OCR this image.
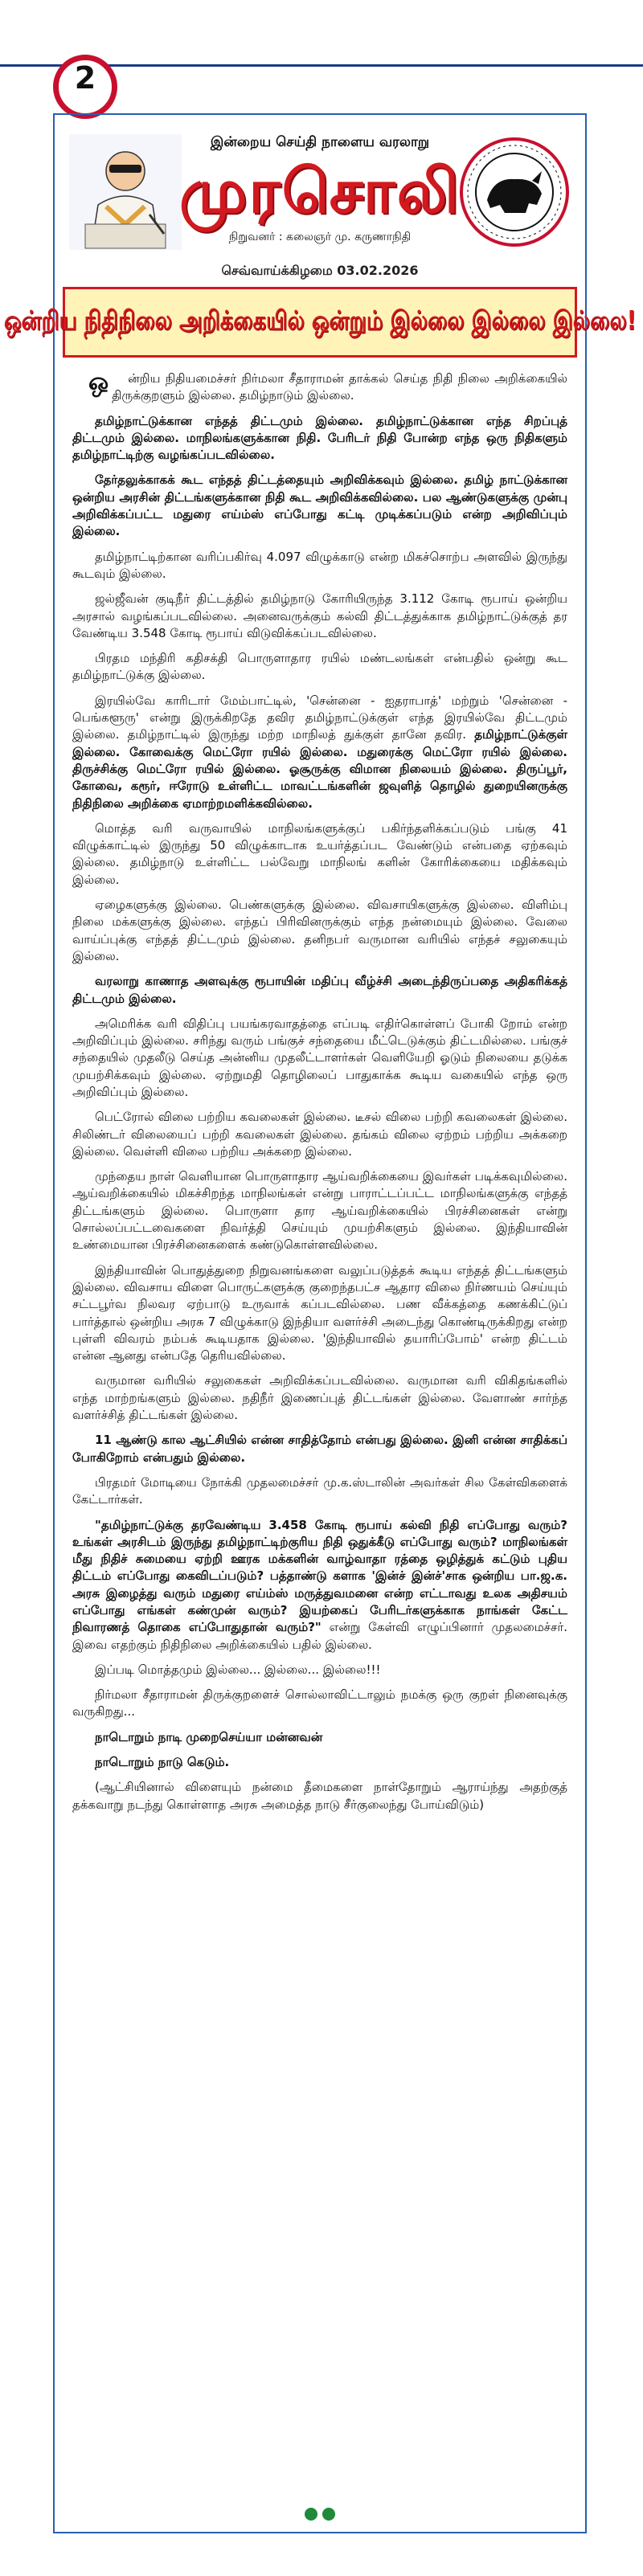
2
இன்றைய செய்தி நாளைய வரலாறு
முரசொலி
நிறுவனர் : கலைஞர் மு. கருணாநிதி
செவ்வாய்க்கிழமை 03.02.2026
ஒன்றிய நிதிநிலை அறிக்கையில் ஒன்றும் இல்லை இல்லை இல்லை!

ஒ ன்றிய நிதியமைச்சர் நிர்மலா சீதாராமன் தாக்கல் செய்த நிதி நிலை அறிக்கையில் திருக்குறளும் இல்லை. தமிழ்நாடும் இல்லை.

தமிழ்நாட்டுக்கான எந்தத் திட்டமும் இல்லை. தமிழ்நாட்டுக்கான எந்த சிறப்புத் திட்டமும் இல்லை. மாநிலங்களுக்கான நிதி. பேரிடர் நிதி போன்ற எந்த ஒரு நிதிகளும் தமிழ்நாட்டிற்கு வழங்கப்படவில்லை.

தேர்தலுக்காகக் கூட எந்தத் திட்டத்தையும் அறிவிக்கவும் இல்லை. தமிழ் நாட்டுக்கான ஒன்றிய அரசின் திட்டங்களுக்கான நிதி கூட அறிவிக்கவில்லை. பல ஆண்டுகளுக்கு முன்பு அறிவிக்கப்பட்ட மதுரை எய்ம்ஸ் எப்போது கட்டி முடிக்கப்படும் என்ற அறிவிப்பும் இல்லை.

தமிழ்நாட்டிற்கான வரிப்பகிர்வு 4.097 விழுக்காடு என்ற மிகச்சொற்ப அளவில் இருந்து கூடவும் இல்லை.

ஜல்ஜீவன் குடிநீர் திட்டத்தில் தமிழ்நாடு கோரியிருந்த 3.112 கோடி ரூபாய் ஒன்றிய அரசால் வழங்கப்படவில்லை. அனைவருக்கும் கல்வி திட்டத்துக்காக தமிழ்நாட்டுக்குத் தர வேண்டிய 3.548 கோடி ரூபாய் விடுவிக்கப்படவில்லை.

பிரதம மந்திரி கதிசக்தி பொருளாதார ரயில் மண்டலங்கள் என்பதில் ஒன்று கூட தமிழ்நாட்டுக்கு இல்லை.

இரயில்வே காரிடார் மேம்பாட்டில், 'சென்னை - ஐதராபாத்' மற்றும் 'சென்னை - பெங்களூரு' என்று இருக்கிறதே தவிர தமிழ்நாட்டுக்குள் எந்த இரயில்வே திட்டமும் இல்லை. தமிழ்நாட்டில் இருந்து மற்ற மாநிலத் துக்குள் தானே தவிர. தமிழ்நாட்டுக்குள் இல்லை. கோவைக்கு மெட்ரோ ரயில் இல்லை. மதுரைக்கு மெட்ரோ ரயில் இல்லை. திருச்சிக்கு மெட்ரோ ரயில் இல்லை. ஓசூருக்கு விமான நிலையம் இல்லை. திருப்பூர், கோவை, கரூர், ஈரோடு உள்ளிட்ட மாவட்டங்களின் ஜவுளித் தொழில் துறையினருக்கு நிதிநிலை அறிக்கை ஏமாற்றமளிக்கவில்லை.

மொத்த வரி வருவாயில் மாநிலங்களுக்குப் பகிர்ந்தளிக்கப்படும் பங்கு 41 விழுக்காட்டில் இருந்து 50 விழுக்காடாக உயர்த்தப்பட வேண்டும் என்பதை ஏற்கவும் இல்லை. தமிழ்நாடு உள்ளிட்ட பல்வேறு மாநிலங் களின் கோரிக்கையை மதிக்கவும் இல்லை.

ஏழைகளுக்கு இல்லை. பெண்களுக்கு இல்லை. விவசாயிகளுக்கு இல்லை. விளிம்பு நிலை மக்களுக்கு இல்லை. எந்தப் பிரிவினருக்கும் எந்த நன்மையும் இல்லை. வேலை வாய்ப்புக்கு எந்தத் திட்டமும் இல்லை. தனிநபர் வருமான வரியில் எந்தச் சலுகையும் இல்லை.

வரலாறு காணாத அளவுக்கு ரூபாயின் மதிப்பு வீழ்ச்சி அடைந்திருப்பதை அதிகரிக்கத் திட்டமும் இல்லை.

அமெரிக்க வரி விதிப்பு பயங்கரவாதத்தை எப்படி எதிர்கொள்ளப் போகி றோம் என்ற அறிவிப்பும் இல்லை. சரிந்து வரும் பங்குச் சந்தையை மீட்டெடுக்கும் திட்டமில்லை. பங்குச் சந்தையில் முதலீடு செய்த அன்னிய முதலீட்டாளர்கள் வெளியேறி ஓடும் நிலையை தடுக்க முயற்சிக்கவும் இல்லை. ஏற்றுமதி தொழிலைப் பாதுகாக்க கூடிய வகையில் எந்த ஒரு அறிவிப்பும் இல்லை.

பெட்ரோல் விலை பற்றிய கவலைகள் இல்லை. டீசல் விலை பற்றி கவலைகள் இல்லை. சிலிண்டர் விலையைப் பற்றி கவலைகள் இல்லை. தங்கம் விலை ஏற்றம் பற்றிய அக்கறை இல்லை. வெள்ளி விலை பற்றிய அக்கறை இல்லை.

முந்தைய நாள் வெளியான பொருளாதார ஆய்வறிக்கையை இவர்கள் படிக்கவுமில்லை. ஆய்வறிக்கையில் மிகச்சிறந்த மாநிலங்கள் என்று பாராட்டப்பட்ட மாநிலங்களுக்கு எந்தத் திட்டங்களும் இல்லை. பொருளா தார ஆய்வறிக்கையில் பிரச்சினைகள் என்று சொல்லப்பட்டவைகளை நிவர்த்தி செய்யும் முயற்சிகளும் இல்லை. இந்தியாவின் உண்மையான பிரச்சினைகளைக் கண்டுகொள்ளவில்லை.

இந்தியாவின் பொதுத்துறை நிறுவனங்களை வலுப்படுத்தக் கூடிய எந்தத் திட்டங்களும் இல்லை. விவசாய விளை பொருட்களுக்கு குறைந்தபட்ச ஆதார விலை நிர்ணயம் செய்யும் சட்டபூர்வ நிலவர ஏற்பாடு உருவாக் கப்படவில்லை. பண வீக்கத்தை கணக்கிட்டுப் பார்த்தால் ஒன்றிய அரசு 7 விழுக்காடு இந்தியா வளர்ச்சி அடைந்து கொண்டிருக்கிறது என்ற புள்ளி விவரம் நம்பக் கூடியதாக இல்லை. 'இந்தியாவில் தயாரிப்போம்' என்ற திட்டம் என்ன ஆனது என்பதே தெரியவில்லை.

வருமான வரியில் சலுகைகள் அறிவிக்கப்படவில்லை. வருமான வரி விகிதங்களில் எந்த மாற்றங்களும் இல்லை. நதிநீர் இணைப்புத் திட்டங்கள் இல்லை. வேளாண் சார்ந்த வளர்ச்சித் திட்டங்கள் இல்லை.

11 ஆண்டு கால ஆட்சியில் என்ன சாதித்தோம் என்பது இல்லை. இனி என்ன சாதிக்கப் போகிறோம் என்பதும் இல்லை.

பிரதமர் மோடியை நோக்கி முதலமைச்சர் மு.க.ஸ்டாலின் அவர்கள் சில கேள்விகளைக் கேட்டார்கள்.

"தமிழ்நாட்டுக்கு தரவேண்டிய 3.458 கோடி ரூபாய் கல்வி நிதி எப்போது வரும்? உங்கள் அரசிடம் இருந்து தமிழ்நாட்டிற்குரிய நிதி ஒதுக்கீடு எப்போது வரும்? மாநிலங்கள் மீது நிதிச் சுமையை ஏற்றி ஊரக மக்களின் வாழ்வாதா ரத்தை ஒழித்துக் கட்டும் புதிய திட்டம் எப்போது கைவிடப்படும்? பத்தாண்டு களாக 'இன்ச் இன்ச்'சாக ஒன்றிய பா.ஜ.க. அரசு இழைத்து வரும் மதுரை எய்ம்ஸ் மருத்துவமனை என்ற எட்டாவது உலக அதிசயம் எப்போது எங்கள் கண்முன் வரும்? இயற்கைப் பேரிடர்களுக்காக நாங்கள் கேட்ட நிவாரணத் தொகை எப்போதுதான் வரும்?" என்று கேள்வி எழுப்பினார் முதலமைச்சர். இவை எதற்கும் நிதிநிலை அறிக்கையில் பதில் இல்லை.

இப்படி மொத்தமும் இல்லை... இல்லை... இல்லை!!!

நிர்மலா சீதாராமன் திருக்குறளைச் சொல்லாவிட்டாலும் நமக்கு ஒரு குறள் நினைவுக்கு வருகிறது...

நாடொறும் நாடி முறைசெய்யா மன்னவன்

நாடொறும் நாடு கெடும்.

(ஆட்சியினால் விளையும் நன்மை தீமைகளை நாள்தோறும் ஆராய்ந்து அதற்குத் தக்கவாறு நடந்து கொள்ளாத அரசு அமைத்த நாடு சீர்குலைந்து போய்விடும்)
